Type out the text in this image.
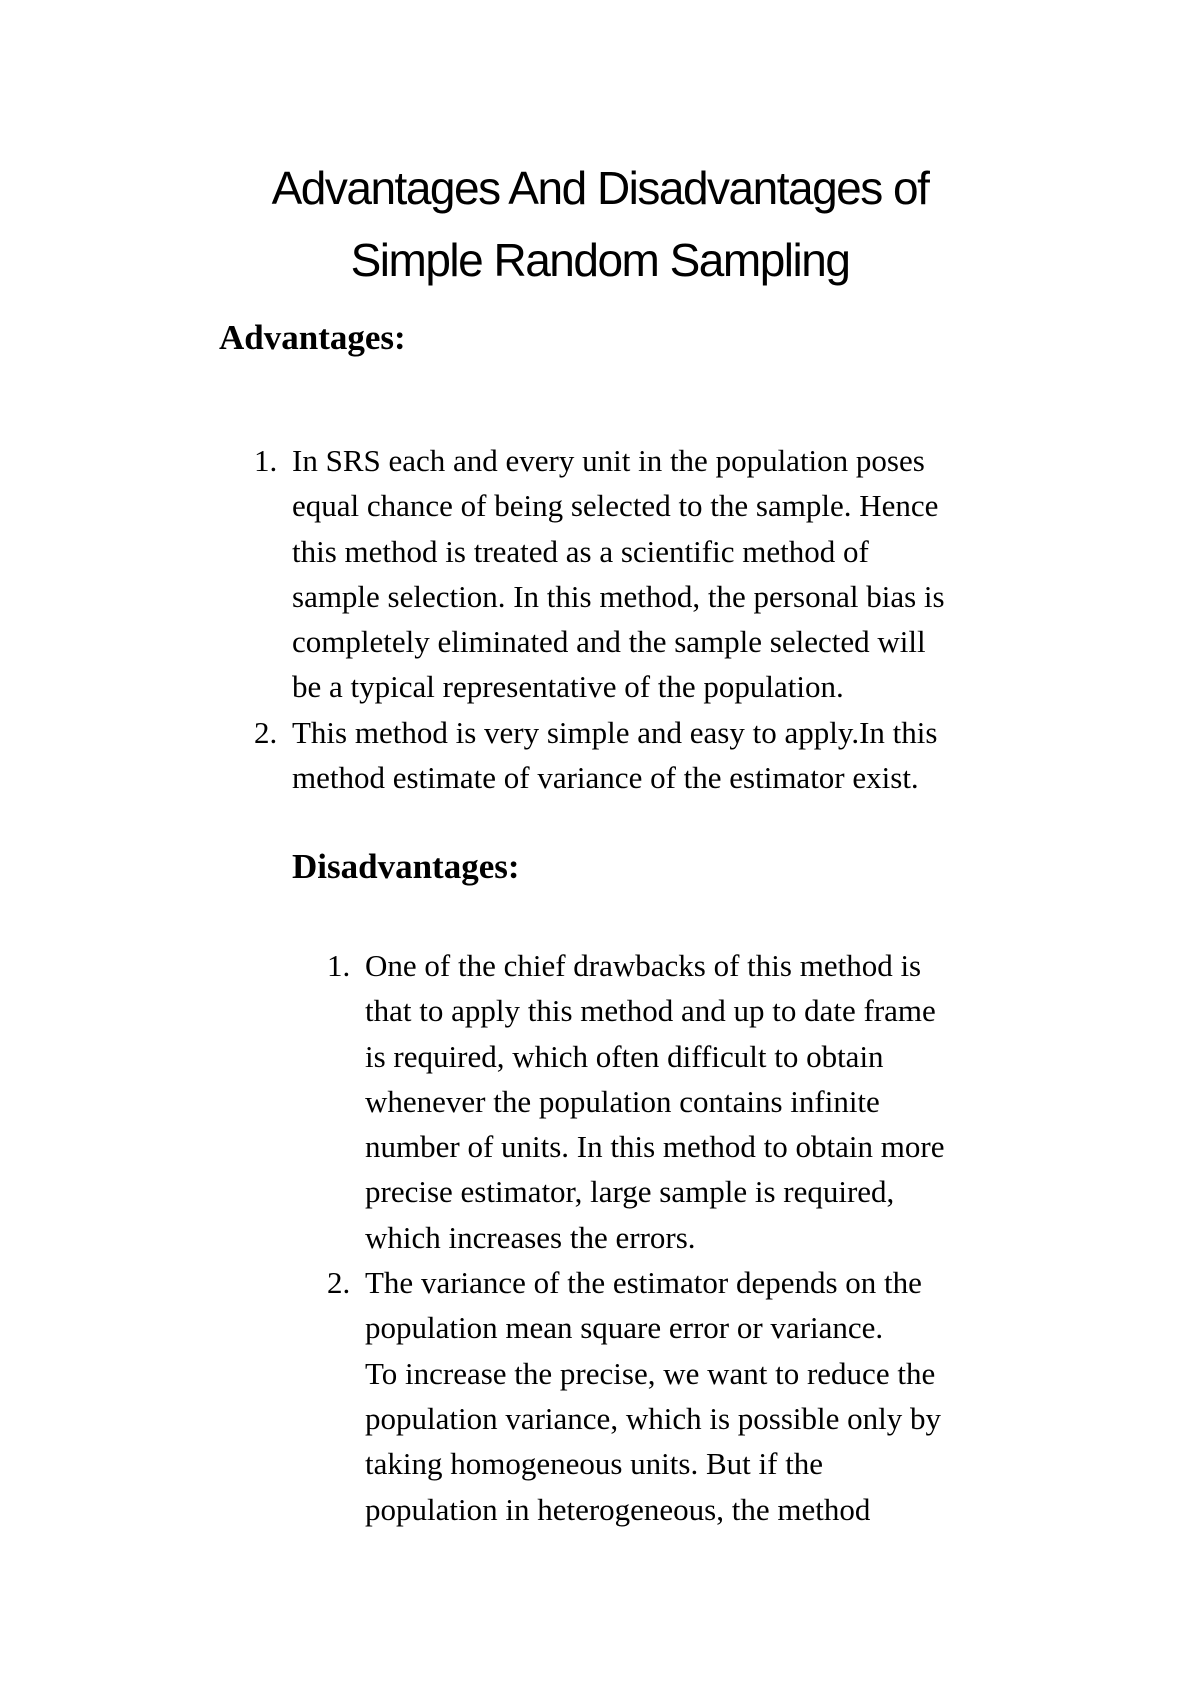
Advantages And Disadvantages of
Simple Random Sampling
Advantages:
1. In SRS each and every unit in the population poses
equal chance of being selected to the sample. Hence
this method is treated as a scientific method of
sample selection. In this method, the personal bias is
completely eliminated and the sample selected will
be a typical representative of the population.
2. This method is very simple and easy to apply.In this
method estimate of variance of the estimator exist.
Disadvantages:
1. One of the chief drawbacks of this method is
that to apply this method and up to date frame
is required, which often difficult to obtain
whenever the population contains infinite
number of units. In this method to obtain more
precise estimator, large sample is required,
which increases the errors.
2. The variance of the estimator depends on the
population mean square error or variance.
To increase the precise, we want to reduce the
population variance, which is possible only by
taking homogeneous units. But if the
population in heterogeneous, the method
